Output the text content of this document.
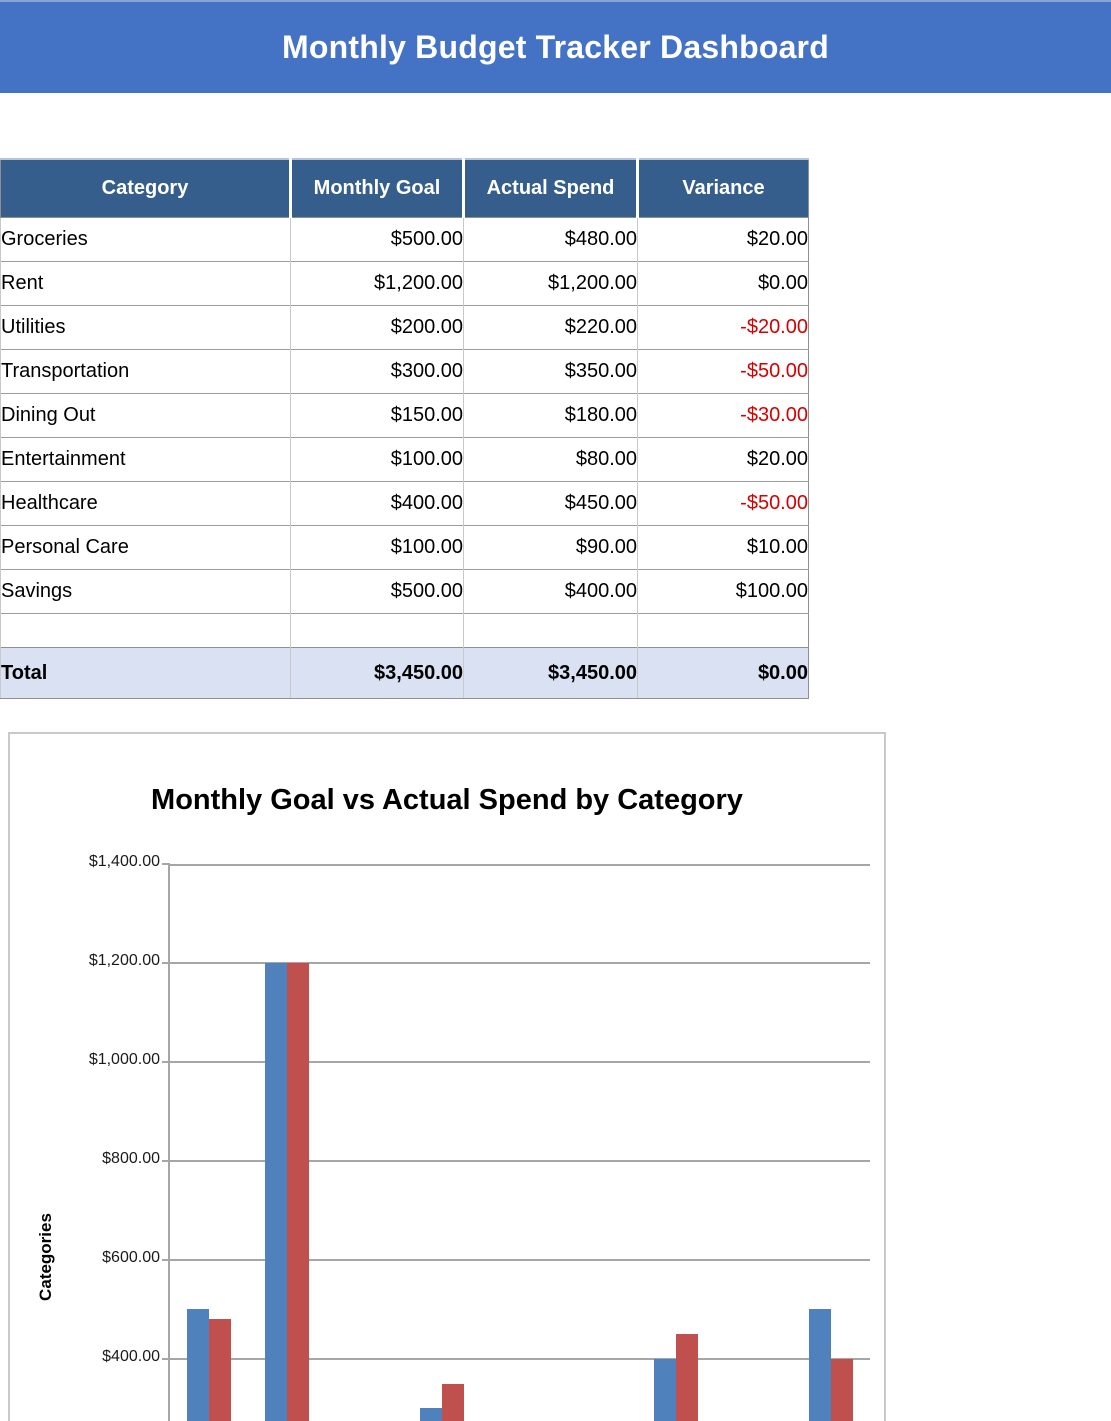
Monthly Budget Tracker Dashboard
Category	Monthly Goal	Actual Spend	Variance
Groceries	$500.00	$480.00	$20.00
Rent	$1,200.00	$1,200.00	$0.00
Utilities	$200.00	$220.00	-$20.00
Transportation	$300.00	$350.00	-$50.00
Dining Out	$150.00	$180.00	-$30.00
Entertainment	$100.00	$80.00	$20.00
Healthcare	$400.00	$450.00	-$50.00
Personal Care	$100.00	$90.00	$10.00
Savings	$500.00	$400.00	$100.00

Total	$3,450.00	$3,450.00	$0.00
Monthly Goal vs Actual Spend by Category
Categories
$1,400.00
$1,200.00
$1,000.00
$800.00
$600.00
$400.00
